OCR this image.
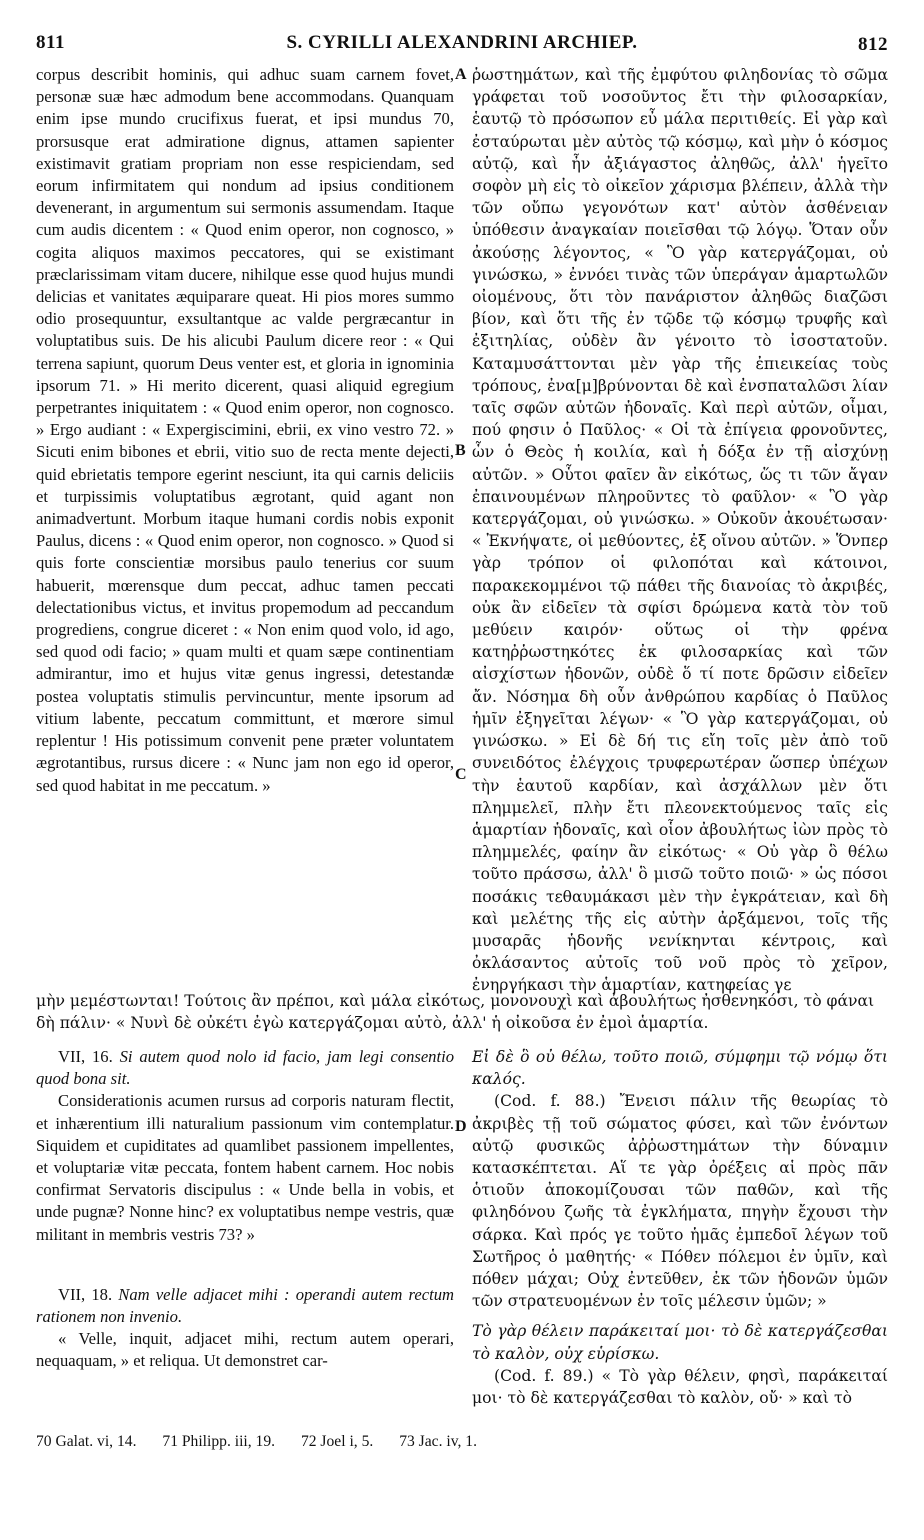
811	S. CYRILLI ALEXANDRINI ARCHIEP.	812

corpus describit hominis, qui adhuc suam carnem fovet, personæ suæ hæc admodum bene accommodans. Quanquam enim ipse mundo crucifixus fuerat, et ipsi mundus 70, prorsusque erat admiratione dignus, attamen sapienter existimavit gratiam propriam non esse respiciendam, sed eorum infirmitatem qui nondum ad ipsius conditionem devenerant, in argumentum sui sermonis assumendam. Itaque cum audis dicentem : « Quod enim operor, non cognosco, » cogita aliquos maximos peccatores, qui se existimant præclarissimam vitam ducere, nihilque esse quod hujus mundi delicias et vanitates æquiparare queat. Hi pios mores summo odio prosequuntur, exsultantque ac valde pergræcantur in voluptatibus suis. De his alicubi Paulum dicere reor : « Qui terrena sapiunt, quorum Deus venter est, et gloria in ignominia ipsorum 71. » Hi merito dicerent, quasi aliquid egregium perpetrantes iniquitatem : « Quod enim operor, non cognosco. » Ergo audiant : « Expergiscimini, ebrii, ex vino vestro 72. » Sicuti enim bibones et ebrii, vitio suo de recta mente dejecti, quid ebrietatis tempore egerint nesciunt, ita qui carnis deliciis et turpissimis voluptatibus ægrotant, quid agant non animadvertunt. Morbum itaque humani cordis nobis exponit Paulus, dicens : « Quod enim operor, non cognosco. » Quod si quis forte conscientiæ morsibus paulo tenerius cor suum habuerit, mœrensque dum peccat, adhuc tamen peccati delectationibus victus, et invitus propemodum ad peccandum progrediens, congrue diceret : « Non enim quod volo, id ago, sed quod odi facio; » quam multi et quam sæpe continentiam admirantur, imo et hujus vitæ genus ingressi, detestandæ postea voluptatis stimulis pervincuntur, mente ipsorum ad vitium labente, peccatum committunt, et mœrore simul replentur ! His potissimum convenit pene præter voluntatem ægrotantibus, rursus dicere : « Nunc jam non ego id operor, sed quod habitat in me peccatum. »

ῥωστημάτων, καὶ τῆς ἐμφύτου φιληδονίας τὸ σῶμα γράφεται τοῦ νοσοῦντος ἔτι τὴν φιλοσαρκίαν, ἑαυτῷ τὸ πρόσωπον εὖ μάλα περιτιθείς. Εἰ γὰρ καὶ ἐσταύρωται μὲν αὐτὸς τῷ κόσμῳ, καὶ μὴν ὁ κόσμος αὐτῷ, καὶ ἦν ἀξιάγαστος ἀληθῶς, ἀλλ' ἡγεῖτο σοφὸν μὴ εἰς τὸ οἰκεῖον χάρισμα βλέπειν, ἀλλὰ τὴν τῶν οὔπω γεγονότων κατ' αὐτὸν ἀσθένειαν ὑπόθεσιν ἀναγκαίαν ποιεῖσθαι τῷ λόγῳ. Ὅταν οὖν ἀκούσῃς λέγοντος, « Ὃ γὰρ κατεργάζομαι, οὐ γινώσκω, » ἐννόει τινὰς τῶν ὑπεράγαν ἁμαρτωλῶν οἰομένους, ὅτι τὸν πανάριστον ἀληθῶς διαζῶσι βίον, καὶ ὅτι τῆς ἐν τῷδε τῷ κόσμῳ τρυφῆς καὶ ἐξιτηλίας, οὐδὲν ἂν γένοιτο τὸ ἰσοστατοῦν. Καταμυσάττονται μὲν γὰρ τῆς ἐπιεικείας τοὺς τρόπους, ἐνα[μ]βρύνονται δὲ καὶ ἐνσπαταλῶσι λίαν ταῖς σφῶν αὐτῶν ἡδοναῖς. Καὶ περὶ αὐτῶν, οἶμαι, πού φησιν ὁ Παῦλος· « Οἱ τὰ ἐπίγεια φρονοῦντες, ὧν ὁ Θεὸς ἡ κοιλία, καὶ ἡ δόξα ἐν τῇ αἰσχύνῃ αὐτῶν. » Οὗτοι φαῖεν ἂν εἰκότως, ὥς τι τῶν ἄγαν ἐπαινουμένων πληροῦντες τὸ φαῦλον· « Ὃ γὰρ κατεργάζομαι, οὐ γινώσκω. » Οὐκοῦν ἀκουέτωσαν· « Ἐκνήψατε, οἱ μεθύοντες, ἐξ οἴνου αὐτῶν. » Ὅνπερ γὰρ τρόπον οἱ φιλοπόται καὶ κάτοινοι, παρακεκομμένοι τῷ πάθει τῆς διανοίας τὸ ἀκριβές, οὐκ ἂν εἰδεῖεν τὰ σφίσι δρώμενα κατὰ τὸν τοῦ μεθύειν καιρόν· οὕτως οἱ τὴν φρένα κατηῤῥωστηκότες ἐκ φιλοσαρκίας καὶ τῶν αἰσχίστων ἡδονῶν, οὐδὲ ὅ τί ποτε δρῶσιν εἰδεῖεν ἄν. Νόσημα δὴ οὖν ἀνθρώπου καρδίας ὁ Παῦλος ἡμῖν ἐξηγεῖται λέγων· « Ὃ γὰρ κατεργάζομαι, οὐ γινώσκω. » Εἰ δὲ δή τις εἴη τοῖς μὲν ἀπὸ τοῦ συνειδότος ἐλέγχοις τρυφερωτέραν ὥσπερ ὑπέχων τὴν ἑαυτοῦ καρδίαν, καὶ ἀσχάλλων μὲν ὅτι πλημμελεῖ, πλὴν ἔτι πλεονεκτούμενος ταῖς εἰς ἁμαρτίαν ἡδοναῖς, καὶ οἷον ἀβουλήτως ἰὼν πρὸς τὸ πλημμελές, φαίην ἂν εἰκότως· « Οὐ γὰρ ὃ θέλω τοῦτο πράσσω, ἀλλ' ὃ μισῶ τοῦτο ποιῶ· » ὡς πόσοι ποσάκις τεθαυμάκασι μὲν τὴν ἐγκράτειαν, καὶ δὴ καὶ μελέτης τῆς εἰς αὐτὴν ἀρξάμενοι, τοῖς τῆς μυσαρᾶς ἡδονῆς νενίκηνται κέντροις, καὶ ὀκλάσαντος αὐτοῖς τοῦ νοῦ πρὸς τὸ χεῖρον, ἐνηργήκασι τὴν ἁμαρτίαν, κατηφείας γε

A
B
C
D
μὴν μεμέστωνται! Τούτοις ἂν πρέποι, καὶ μάλα εἰκότως, μονονουχὶ καὶ ἀβουλήτως ἠσθενηκόσι, τὸ φάναι δὴ πάλιν· « Νυνὶ δὲ οὐκέτι ἐγὼ κατεργάζομαι αὐτὸ, ἀλλ' ἡ οἰκοῦσα ἐν ἐμοὶ ἁμαρτία.

VII, 16. Si autem quod nolo id facio, jam legi consentio quod bona sit.

Considerationis acumen rursus ad corporis naturam flectit, et inhærentium illi naturalium passionum vim contemplatur. Siquidem et cupiditates ad quamlibet passionem impellentes, et voluptariæ vitæ peccata, fontem habent carnem. Hoc nobis confirmat Servatoris discipulus : « Unde bella in vobis, et unde pugnæ? Nonne hinc? ex voluptatibus nempe vestris, quæ militant in membris vestris 73? »

VII, 18. Nam velle adjacet mihi : operandi autem rectum rationem non invenio.

« Velle, inquit, adjacet mihi, rectum autem operari, nequaquam, » et reliqua. Ut demonstret car-

Εἰ δὲ ὃ οὐ θέλω, τοῦτο ποιῶ, σύμφημι τῷ νόμῳ ὅτι καλός.

(Cod. f. 88.) Ἔνεισι πάλιν τῆς θεωρίας τὸ ἀκριβὲς τῇ τοῦ σώματος φύσει, καὶ τῶν ἐνόντων αὐτῷ φυσικῶς ἀῤῥωστημάτων τὴν δύναμιν κατασκέπτεται. Αἵ τε γὰρ ὀρέξεις αἱ πρὸς πᾶν ὁτιοῦν ἀποκομίζουσαι τῶν παθῶν, καὶ τῆς φιληδόνου ζωῆς τὰ ἐγκλήματα, πηγὴν ἔχουσι τὴν σάρκα. Καὶ πρός γε τοῦτο ἡμᾶς ἐμπεδοῖ λέγων τοῦ Σωτῆρος ὁ μαθητής· « Πόθεν πόλεμοι ἐν ὑμῖν, καὶ πόθεν μάχαι; Οὐχ ἐντεῦθεν, ἐκ τῶν ἡδονῶν ὑμῶν τῶν στρατευομένων ἐν τοῖς μέλεσιν ὑμῶν; »

Τὸ γὰρ θέλειν παράκειταί μοι· τὸ δὲ κατεργάζεσθαι τὸ καλὸν, οὐχ εὑρίσκω.

(Cod. f. 89.) « Τὸ γὰρ θέλειν, φησὶ, παράκειταί μοι· τὸ δὲ κατεργάζεσθαι τὸ καλὸν, οὔ· » καὶ τὸ

70 Galat. vi, 14. 71 Philipp. iii, 19. 72 Joel i, 5. 73 Jac. iv, 1.
